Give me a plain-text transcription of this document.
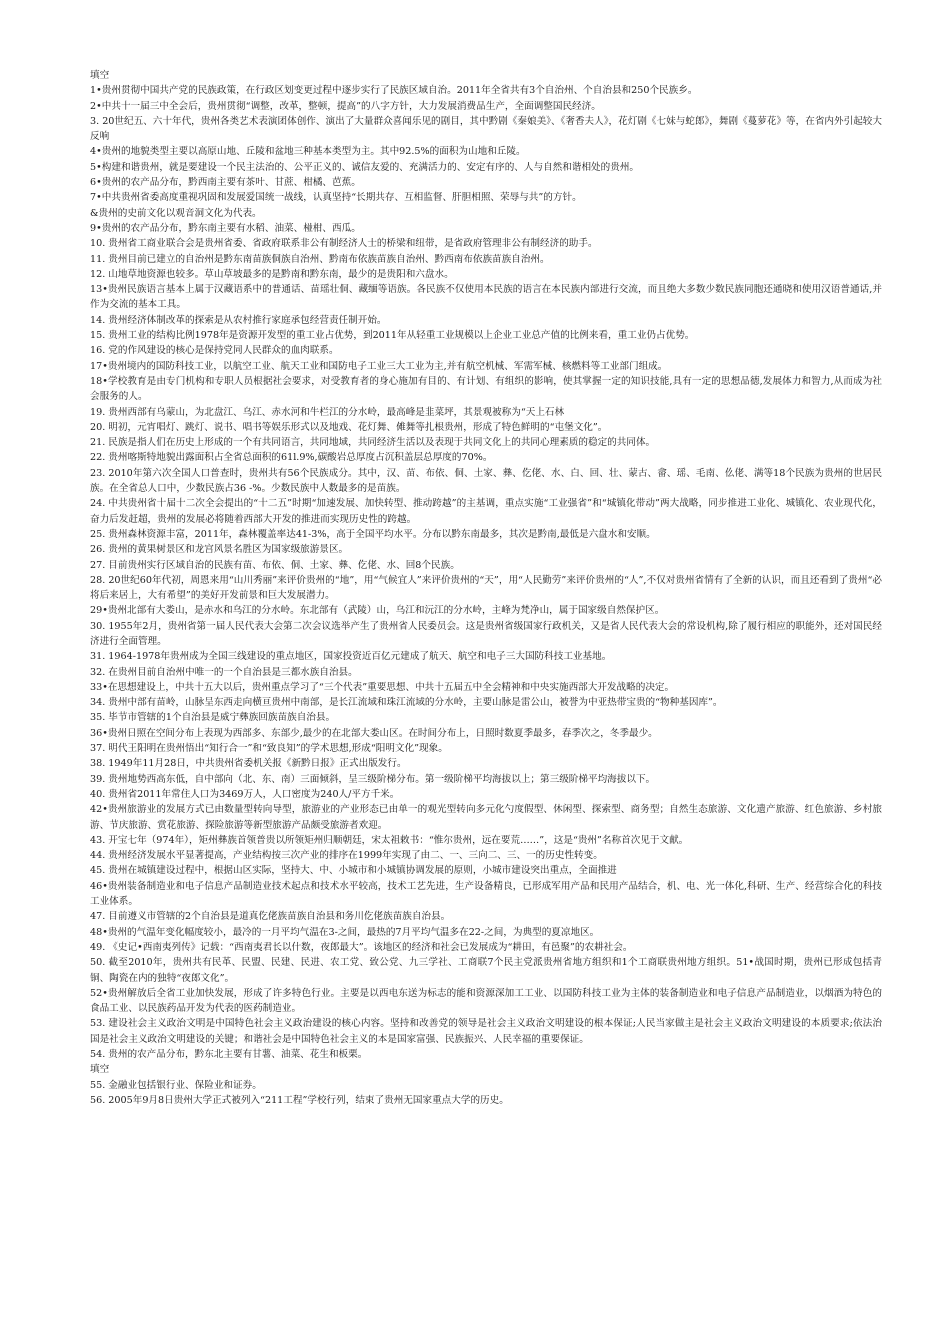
填空
1•贵州贯彻中国共产党的民族政策，在行政区划变更过程中逐步实行了民族区域自治。2011年全省共有3个自治州、个自治县和250个民族乡。
2•中共十一届三中全会后，贵州贯彻“调整，改革，整顿，提高”的八字方针，大力发展消费品生产，全面调整国民经济。
3. 20世纪五、六十年代，贵州各类艺术表演团体创作、演出了大量群众喜闻乐见的剧目，其中黔剧《秦娘美》、《奢香夫人》，花灯剧《七妹与蛇郎》，舞剧《蔓萝花》等，在省内外引起较大反响
4•贵州的地貌类型主要以高原山地、丘陵和盆地三种基本类型为主。其中92.5%的面积为山地和丘陵。
5•构建和谐贵州，就是要建设一个民主法治的、公平正义的、诚信友爱的、充满活力的、安定有序的、人与自然和谐相处的贵州。
6•贵州的农产品分布，黔西南主要有茶叶、甘蔗、柑橘、芭蕉。
7•中共贵州省委高度重视巩固和发展爱国统一战线，认真坚持“长期共存、互相监督、肝胆相照、荣辱与共”的方针。
&贵州的史前文化以观音洞文化为代表。
9•贵州的农产品分布，黔东南主要有水稻、油菜、椪柑、西瓜。
10. 贵州省工商业联合会是贵州省委、省政府联系非公有制经济人士的桥梁和纽带，是省政府管理非公有制经济的助手。
11. 贵州目前已建立的自治州是黔东南苗族侗族自治州、黔南布依族苗族自治州、黔西南布依族苗族自治州。
12. 山地草地资源也较多。草山草坡最多的是黔南和黔东南，最少的是贵阳和六盘水。
13•贵州民族语言基本上属于汉藏语系中的普通话、苗瑶壮侗、藏缅等语族。各民族不仅使用本民族的语言在本民族内部进行交流，而且绝大多数少数民族同胞还通晓和使用汉语普通话,并作为交流的基本工具。
14. 贵州经济体制改革的探索是从农村推行家庭承包经营责任制开始。
15. 贵州工业的结构比例1978年是资源开发型的重工业占优势，到2011年从轻重工业规模以上企业工业总产值的比例来看，重工业仍占优势。
16. 党的作风建设的核心是保持党同人民群众的血肉联系。
17•贵州境内的国防科技工业，以航空工业、航天工业和国防电子工业三大工业为主,并有航空机械、军需军械、核燃料等工业部门组成。
18•学校教育是由专门机构和专职人员根据社会要求，对受教育者的身心施加有目的、有计划、有组织的影响，使其掌握一定的知识技能,具有一定的思想品德,发展体力和智力,从而成为社会服务的人。
19. 贵州西部有乌蒙山，为北盘江、乌江、赤水河和牛栏江的分水岭，最高峰是韭菜坪，其景观被称为“天上石林
20. 明初，元宵唱灯、跳灯、说书、唱书等娱乐形式以及地戏、花灯舞、傩舞等扎根贵州，形成了特色鲜明的“屯堡文化”。
21. 民族是指人们在历史上形成的一个有共同语言，共同地域，共同经济生活以及表现于共同文化上的共同心理素质的稳定的共同体。
22. 贵州喀斯特地貌出露面积占全省总面积的61l.9%,碳酸岩总厚度占沉积盖层总厚度的70%。
23. 2010年第六次全国人口普查时，贵州共有56个民族成分。其中，汉、苗、布依、侗、土家、彝、仡佬、水、白、回、壮、蒙古、畲、瑶、毛南、仫佬、满等18个民族为贵州的世居民族。在全省总人口中，少数民族占36 -%。少数民族中人数最多的是苗族。
24. 中共贵州省十届十二次全会提出的“十二五”时期“加速发展、加快转型、推动跨越”的主基调，重点实施“工业强省”和“城镇化带动”两大战略，同步推进工业化、城镇化、农业现代化，奋力后发赶超，贵州的发展必将随着西部大开发的推进而实现历史性的跨越。
25. 贵州森林资源丰富，2011年，森林覆盖率达41-3%，高于全国平均水平。分布以黔东南最多，其次是黔南,最低是六盘水和安顺。
26. 贵州的黄果树景区和龙宫风景名胜区为国家级旅游景区。
27. 目前贵州实行区域自治的民族有苗、布依、侗、土家、彝、仡佬、水、回8个民族。
28. 20世纪60年代初，周恩来用“山川秀丽”来评价贵州的“地”，用“气候宜人”来评价贵州的“天”，用“人民勤劳”来评价贵州的“人”,不仅对贵州省情有了全新的认识，而且还看到了贵州“必将后来居上，大有希望”的美好开发前景和巨大发展潜力。
29•贵州北部有大娄山，是赤水和乌江的分水岭。东北部有（武陵）山，乌江和沅江的分水岭，主峰为梵净山，属于国家级自然保护区。
30. 1955年2月，贵州省第一届人民代表大会第二次会议选举产生了贵州省人民委员会。这是贵州省级国家行政机关，又是省人民代表大会的常设机构,除了履行相应的职能外，还对国民经济进行全面管理。
31. 1964-1978年贵州成为全国三线建设的重点地区，国家投资近百亿元建成了航天、航空和电子三大国防科技工业基地。
32. 在贵州目前自治州中唯一的一个自治县是三都水族自治县。
33•在思想建设上，中共十五大以后，贵州重点学习了“三个代表”重要思想、中共十五届五中全会精神和中央实施西部大开发战略的决定。
34. 贵州中部有苗岭，山脉呈东西走向横亘贵州中南部，是长江流域和珠江流域的分水岭，主要山脉是雷公山，被誉为中亚热带宝贵的“物种基因库”。
35. 毕节市管辖的1个自治县是威宁彝族回族苗族自治县。
36•贵州日照在空间分布上表现为西部多、东部少,最少的在北部大娄山区。在时间分布上，日照时数夏季最多，春季次之，冬季最少。
37. 明代王阳明在贵州悟出“知行合一”和“致良知”的学术思想,形成“阳明文化”现象。
38. 1949年11月28日，中共贵州省委机关报《新黔日报》正式出版发行。
39. 贵州地势西高东低，自中部向（北、东、南）三面倾斜，呈三级阶梯分布。第一级阶梯平均海拔以上；第三级阶梯平均海拔以下。
40. 贵州省2011年常住人口为3469万人，人口密度为240人/平方千米。
42•贵州旅游业的发展方式已由数量型转向导型，旅游业的产业形态已由单一的观光型转向多元化勺度假型、休闲型、探索型、商务型；自然生态旅游、文化遗产旅游、红色旅游、乡村旅游、节庆旅游、赏花旅游、探险旅游等新型旅游产品颇受旅游者欢迎。
43. 开宝七年（974年），矩州彝族首领普贵以所领矩州归顺朝廷，宋太祖敕书：“惟尔贵州，远在要荒……”，这是“贵州”名称首次见于文献。
44. 贵州经济发展水平显著提高，产业结构按三次产业的排序在1999年实现了由二、一、三向二、三、一的历史性转变。
45. 贵州在城镇建设过程中，根据山区实际，坚持大、中、小城市和小城镇协调发展的原则，小城市建设突出重点，全面推进
46•贵州装备制造业和电子信息产品制造业技术起点和技术水平较高，技术工艺先进，生产设备精良，已形成军用产品和民用产品结合，机、电、光一体化,科研、生产、经营综合化的科技工业体系。
47. 目前遵义市管辖的2个自治县是道真仡佬族苗族自治县和务川仡佬族苗族自治县。
48•贵州的气温年变化幅度较小，最冷的一月平均气温在3-之间，最热的7月平均气温多在22-之间，为典型的夏凉地区。
49. 《史记•西南夷列传》记载：“西南夷君长以什数，夜郎最大”。该地区的经济和社会已发展成为“耕田，有邑聚”的农耕社会。
50. 截至2010年，贵州共有民革、民盟、民建、民进、农工党、致公党、九三学社、工商联7个民主党派贵州省地方组织和1个工商联贵州地方组织。51•战国时期，贵州已形成包括青铜、陶瓷在内的独特“夜郎文化”。
52•贵州解放后全省工业加快发展，形成了许多特色行业。主要是以西电东送为标志的能和资源深加工工业、以国防科技工业为主体的装备制造业和电子信息产品制造业，以烟酒为特色的食品工业、以民族药品开发为代表的医药制造业。
53. 建设社会主义政治文明是中国特色社会主义政治建设的核心内容。坚持和改善党的领导是社会主义政治文明建设的根本保证;人民当家做主是社会主义政治文明建设的本质要求;依法治国是社会主义政治文明建设的关键；和谐社会是中国特色社会主义的本是国家富强、民族振兴、人民幸福的重要保证。
54. 贵州的农产品分布，黔东北主要有甘薯、油菜、花生和板栗。
填空
55. 金融业包括银行业、保险业和证券。
56. 2005年9月8日贵州大学正式被列入“211工程”学校行列，结束了贵州无国家重点大学的历史。
